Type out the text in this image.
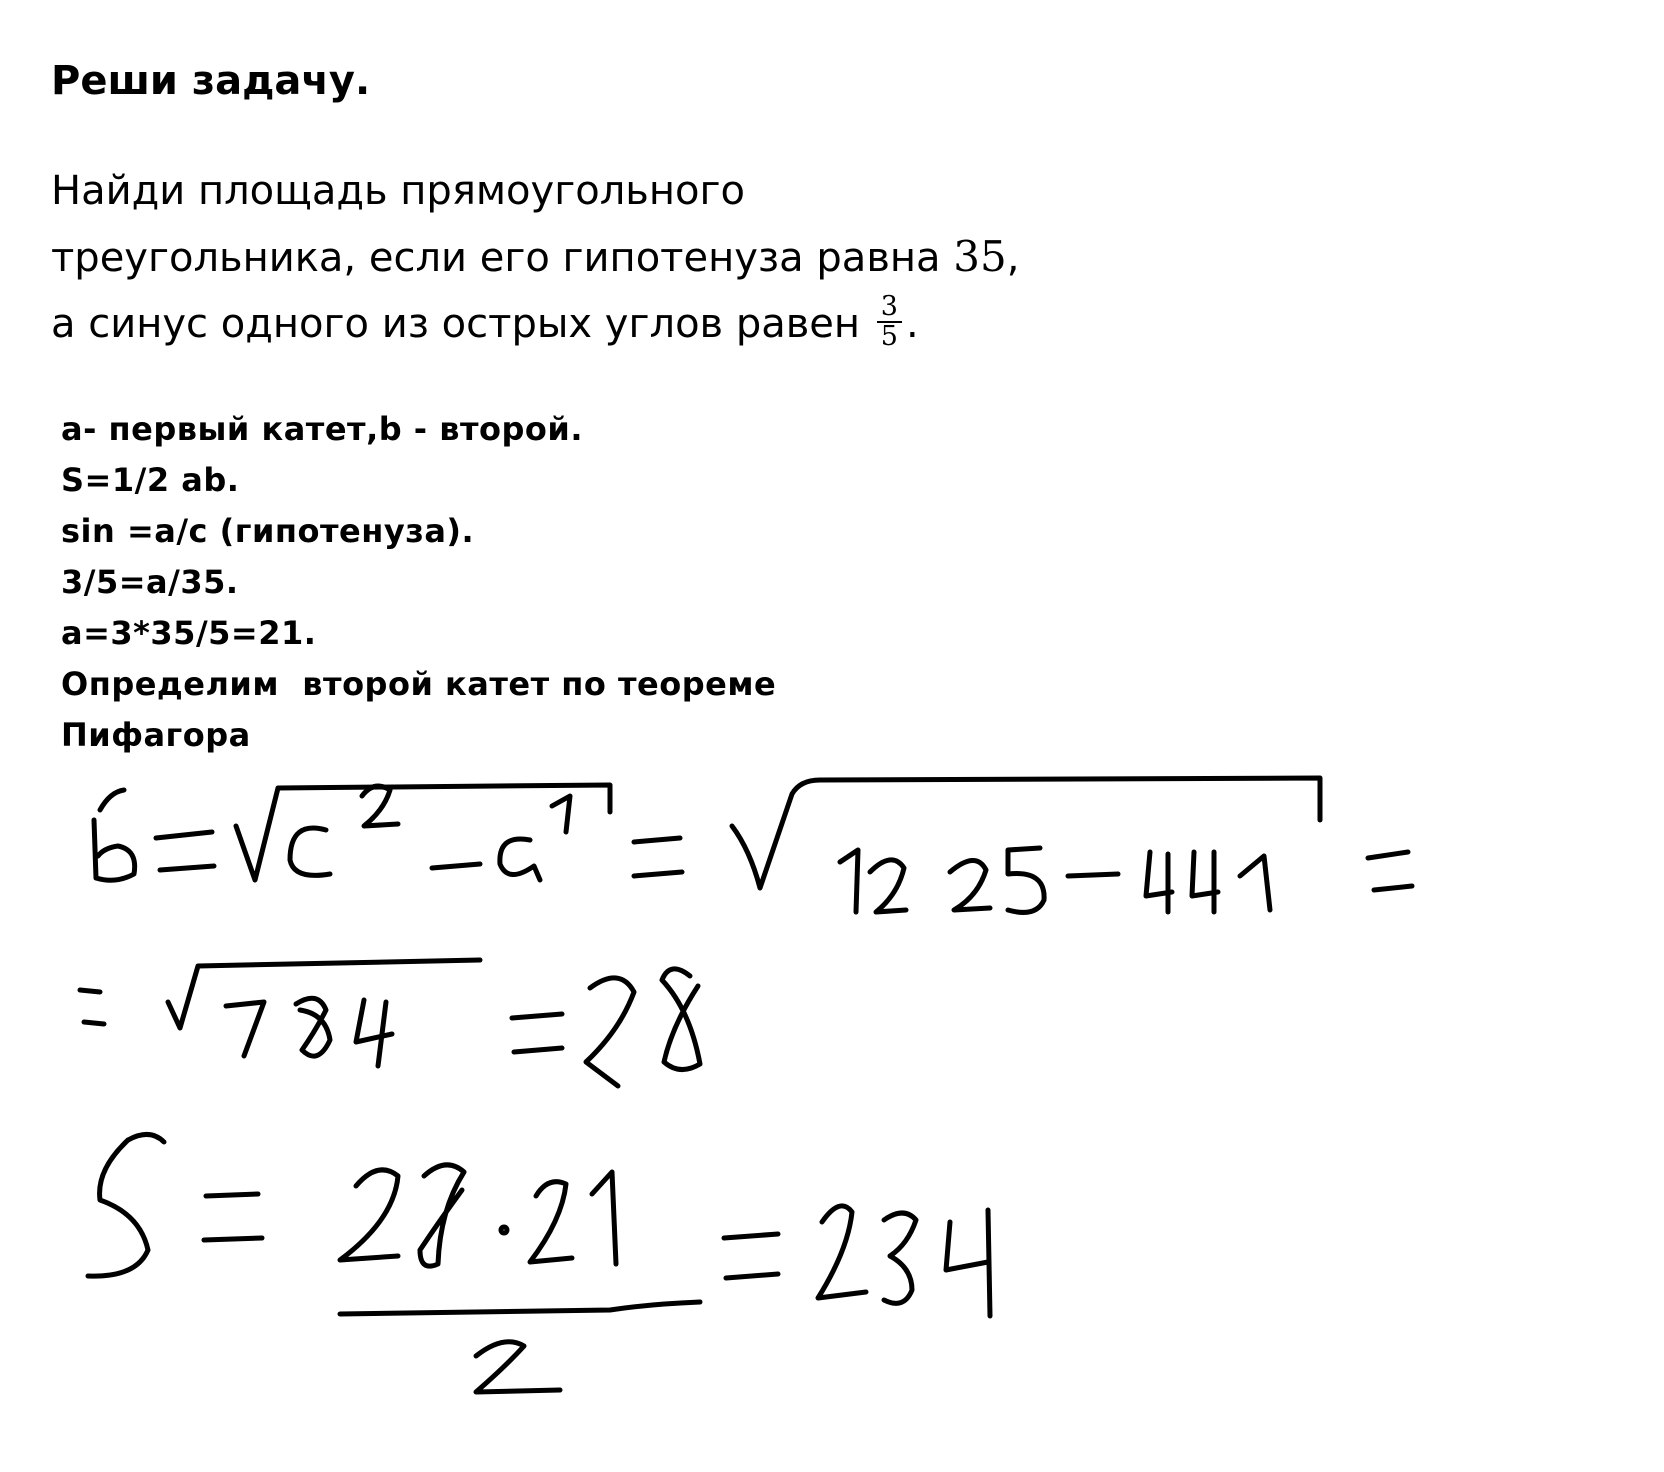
Реши задачу.

Найди площадь прямоугольного
треугольника, если его гипотенуза равна 35,
а синус одного из острых углов равен $\frac{3}{5}$ .

a- первый катет,b - второй.
S=1/2 ab.
sin =a/c (гипотенуза).
3/5=a/35.
a=3*35/5=21.
Определим  второй катет по теореме
Пифагора
